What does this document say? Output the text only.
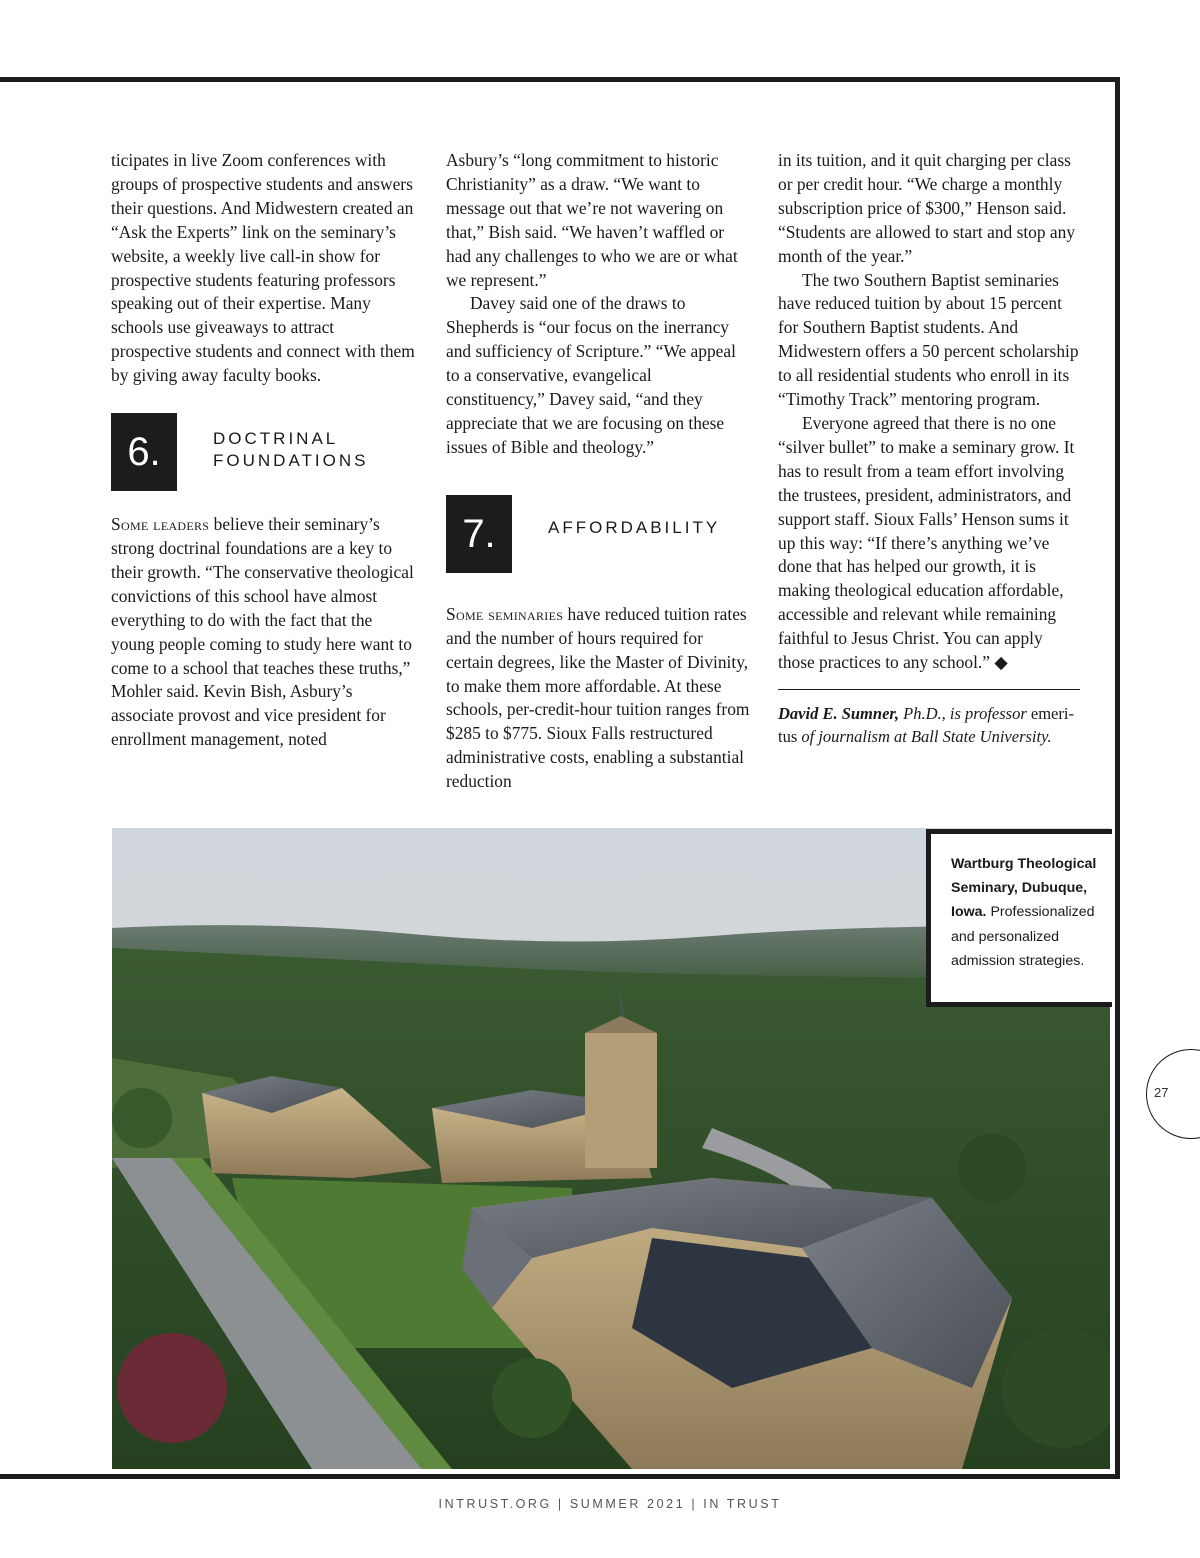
ticipates in live Zoom conferences with groups of prospective students and answers their questions. And Midwestern created an “Ask the Experts” link on the seminary’s website, a weekly live call-in show for prospective students featuring professors speaking out of their expertise. Many schools use giveaways to attract prospective students and connect with them by giving away faculty books.

6.	DOCTRINAL FOUNDATIONS

Some leaders believe their seminary’s strong doctrinal foundations are a key to their growth. “The conservative theological convictions of this school have almost everything to do with the fact that the young people coming to study here want to come to a school that teaches these truths,” Mohler said. Kevin Bish, Asbury’s associate provost and vice president for enrollment management, noted

Asbury’s “long commitment to historic Christianity” as a draw. “We want to message out that we’re not wavering on that,” Bish said. “We haven’t waffled or had any challenges to who we are or what we represent.”

Davey said one of the draws to Shepherds is “our focus on the inerrancy and sufficiency of Scripture.” “We appeal to a conservative, evangelical constituency,” Davey said, “and they appreciate that we are focusing on these issues of Bible and theology.”

7.	AFFORDABILITY

Some seminaries have reduced tuition rates and the number of hours required for certain degrees, like the Master of Divinity, to make them more affordable. At these schools, per-credit-hour tuition ranges from $285 to $775. Sioux Falls restructured administrative costs, enabling a substantial reduction

in its tuition, and it quit charging per class or per credit hour. “We charge a monthly subscription price of $300,” Henson said. “Students are allowed to start and stop any month of the year.”

The two Southern Baptist seminaries have reduced tuition by about 15 percent for Southern Baptist students. And Midwestern offers a 50 percent scholarship to all residential students who enroll in its “Timothy Track” mentoring program.

Everyone agreed that there is no one “silver bullet” to make a seminary grow. It has to result from a team effort involving the trustees, president, administrators, and support staff. Sioux Falls’ Henson sums it up this way: “If there’s anything we’ve done that has helped our growth, it is making theological education affordable, accessible and relevant while remaining faithful to Jesus Christ. You can apply those practices to any school.” ◆

David E. Sumner, Ph.D., is professor emeritus of journalism at Ball State University.

Wartburg Theological Seminary, Dubuque, Iowa. Professionalized and personalized admission strategies.
27
INTRUST.ORG | SUMMER 2021 | IN TRUST
